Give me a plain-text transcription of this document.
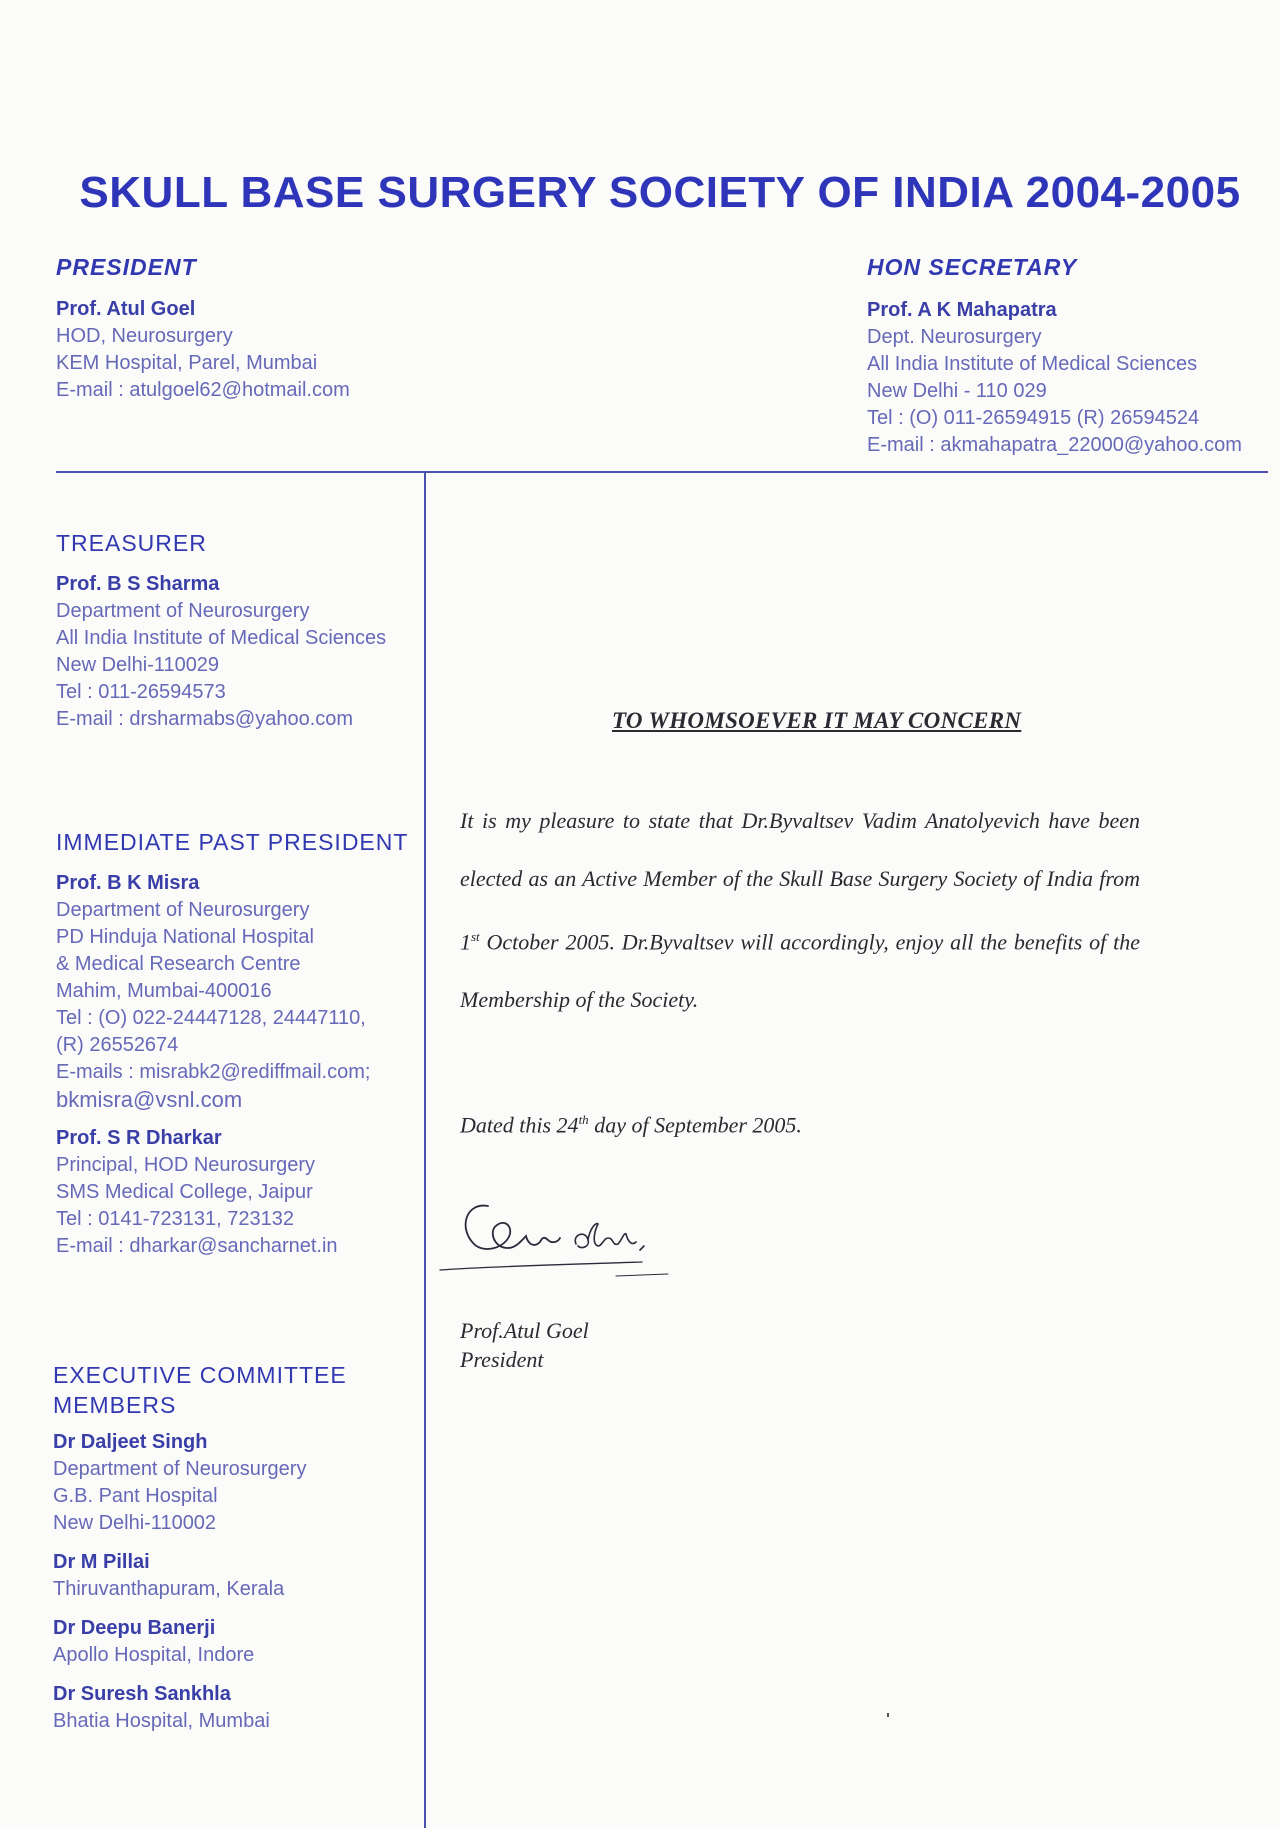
SKULL BASE SURGERY SOCIETY OF INDIA 2004-2005
PRESIDENT
Prof. Atul Goel
HOD, Neurosurgery
KEM Hospital, Parel, Mumbai
E-mail : atulgoel62@hotmail.com
HON SECRETARY
Prof. A K Mahapatra
Dept. Neurosurgery
All India Institute of Medical Sciences
New Delhi - 110 029
Tel : (O) 011-26594915 (R) 26594524
E-mail : akmahapatra_22000@yahoo.com
TREASURER
Prof. B S Sharma
Department of Neurosurgery
All India Institute of Medical Sciences
New Delhi-110029
Tel : 011-26594573
E-mail : drsharmabs@yahoo.com
IMMEDIATE PAST PRESIDENT
Prof. B K Misra
Department of Neurosurgery
PD Hinduja National Hospital
& Medical Research Centre
Mahim, Mumbai-400016
Tel : (O) 022-24447128, 24447110,
(R) 26552674
E-mails : misrabk2@rediffmail.com;
bkmisra@vsnl.com
Prof. S R Dharkar
Principal, HOD Neurosurgery
SMS Medical College, Jaipur
Tel : 0141-723131, 723132
E-mail : dharkar@sancharnet.in
EXECUTIVE COMMITTEE
MEMBERS
Dr Daljeet Singh
Department of Neurosurgery
G.B. Pant Hospital
New Delhi-110002
Dr M Pillai
Thiruvanthapuram, Kerala
Dr Deepu Banerji
Apollo Hospital, Indore
Dr Suresh Sankhla
Bhatia Hospital, Mumbai
TO WHOMSOEVER IT MAY CONCERN
It is my pleasure to state that Dr.Byvaltsev Vadim Anatolyevich have been elected as an Active Member of the Skull Base Surgery Society of India from 1st October 2005. Dr.Byvaltsev will accordingly, enjoy all the benefits of the Membership of the Society.
Dated this 24th day of September 2005.
Prof.Atul Goel
President
